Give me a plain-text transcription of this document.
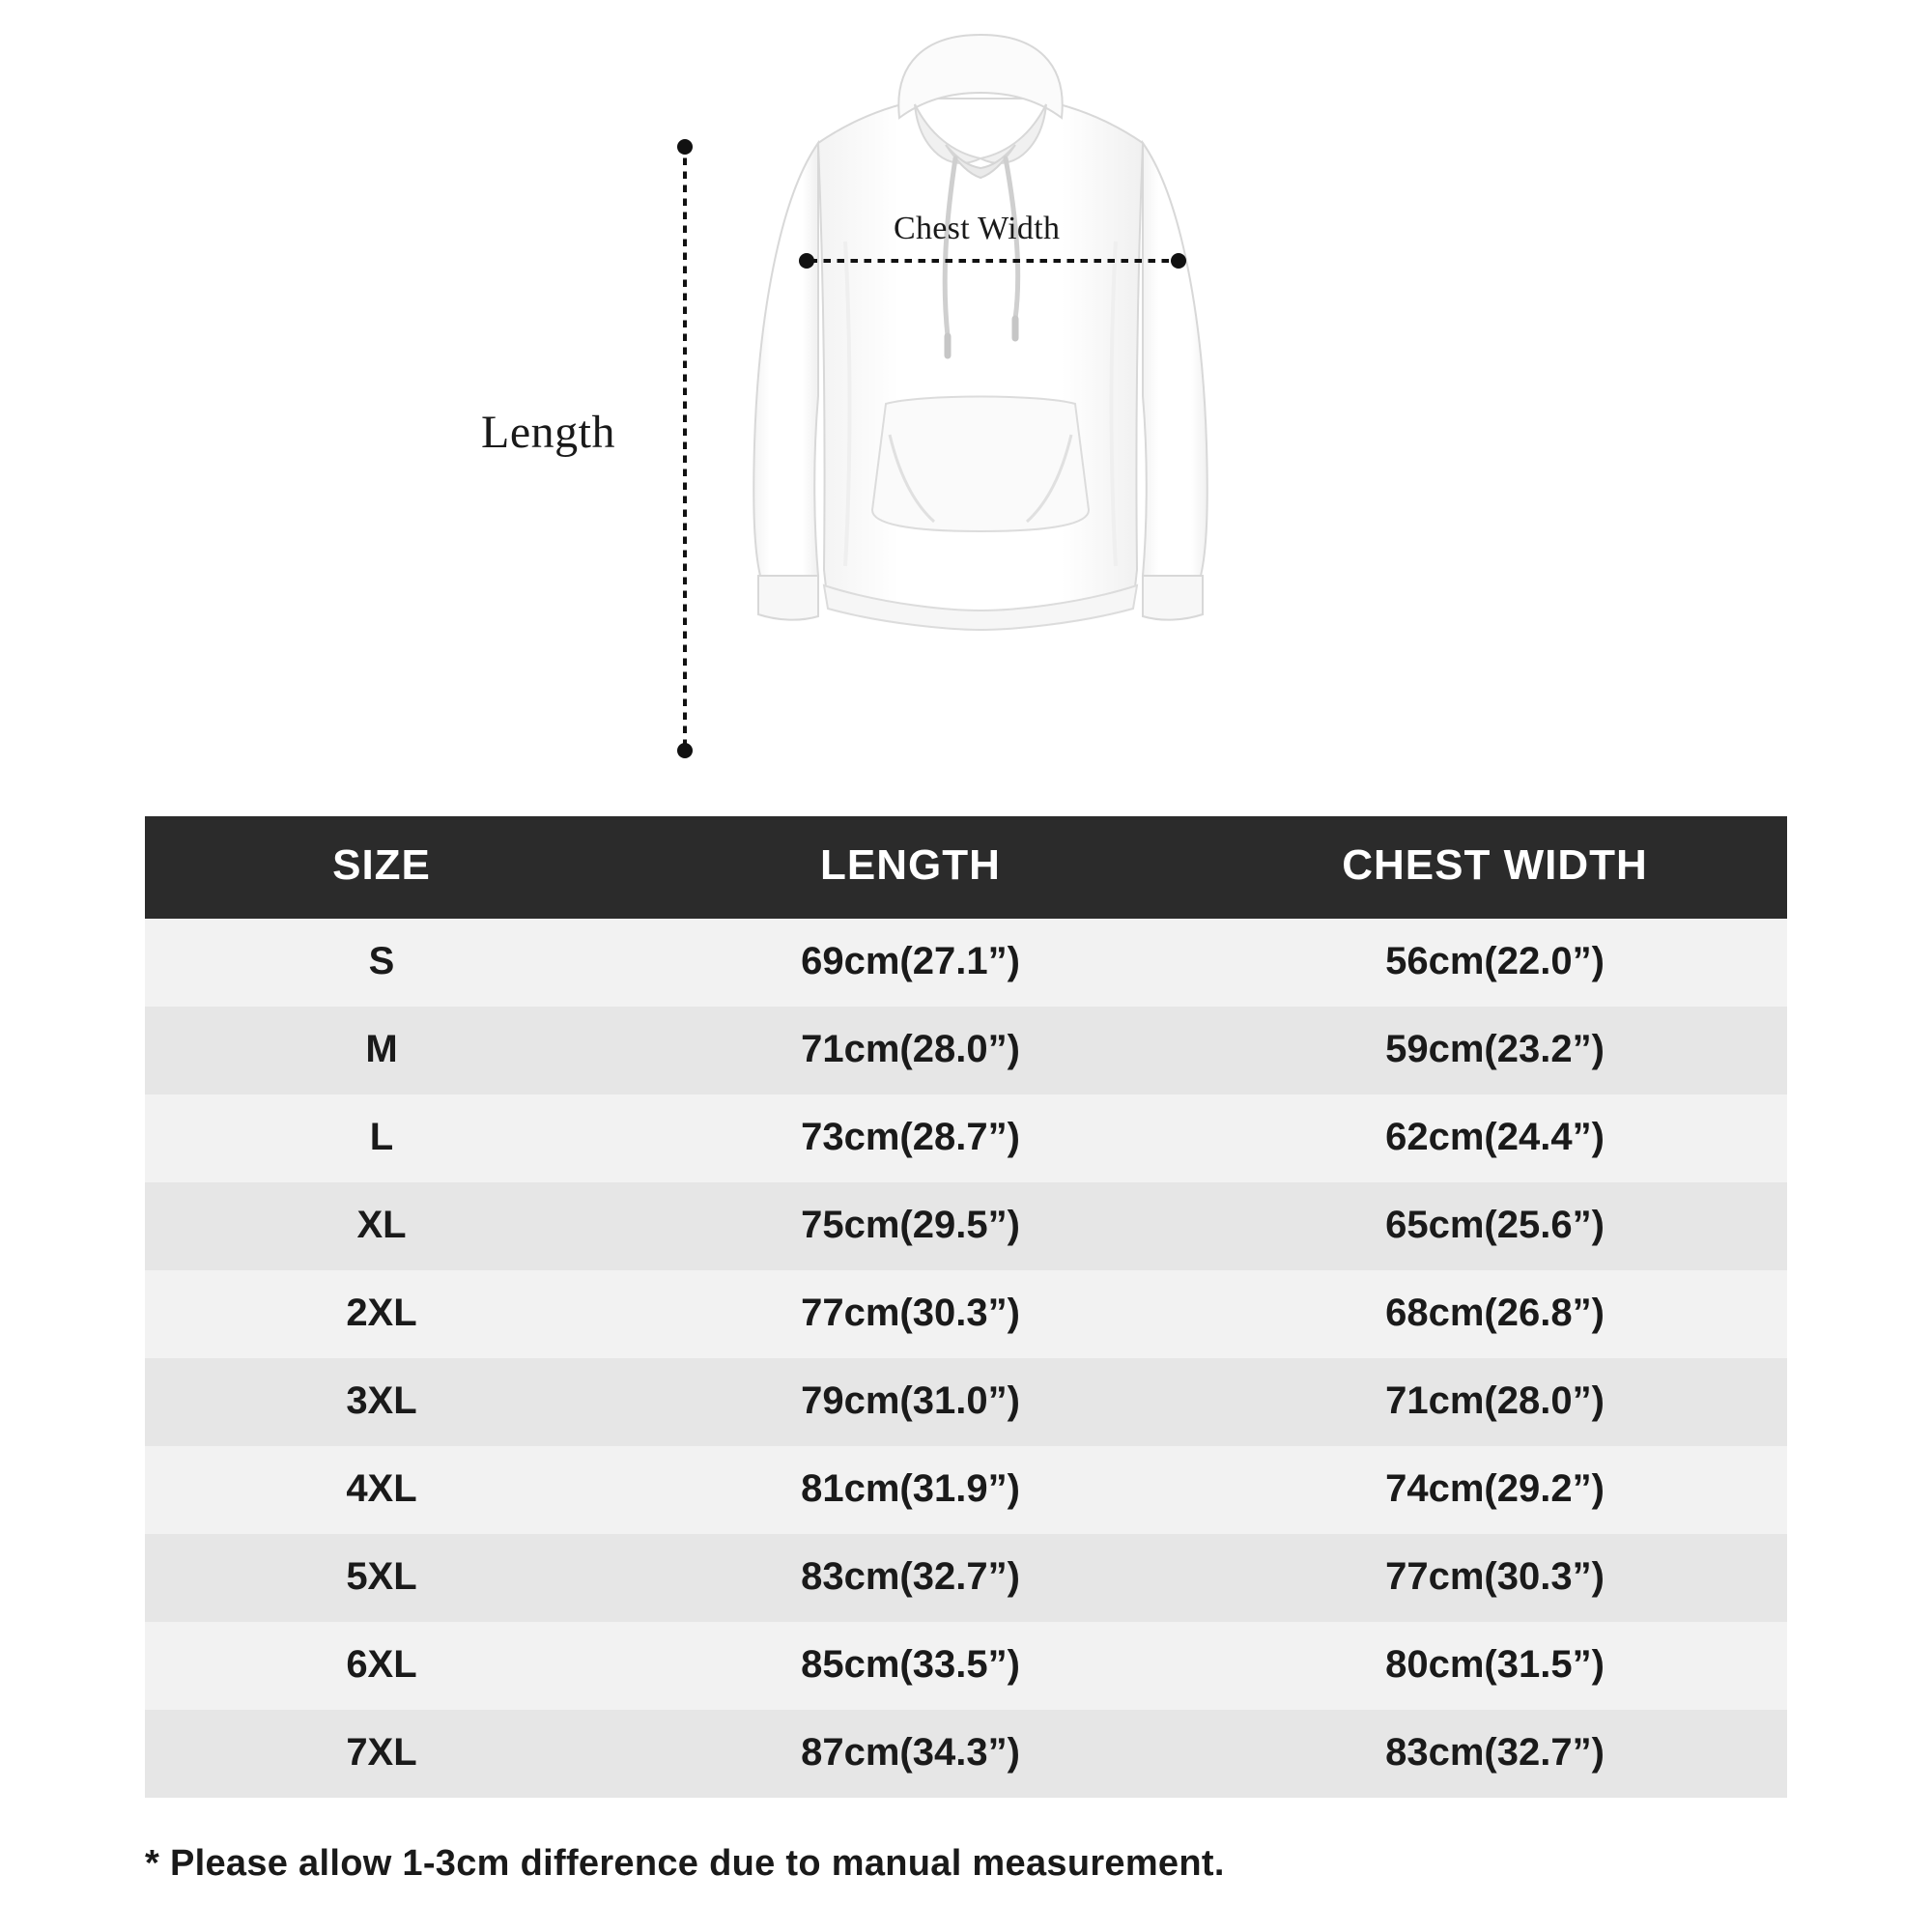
Length
Chest Width
SIZE	LENGTH	CHEST WIDTH
S	69cm(27.1”)	56cm(22.0”)
M	71cm(28.0”)	59cm(23.2”)
L	73cm(28.7”)	62cm(24.4”)
XL	75cm(29.5”)	65cm(25.6”)
2XL	77cm(30.3”)	68cm(26.8”)
3XL	79cm(31.0”)	71cm(28.0”)
4XL	81cm(31.9”)	74cm(29.2”)
5XL	83cm(32.7”)	77cm(30.3”)
6XL	85cm(33.5”)	80cm(31.5”)
7XL	87cm(34.3”)	83cm(32.7”)
* Please allow 1-3cm difference due to manual measurement.
